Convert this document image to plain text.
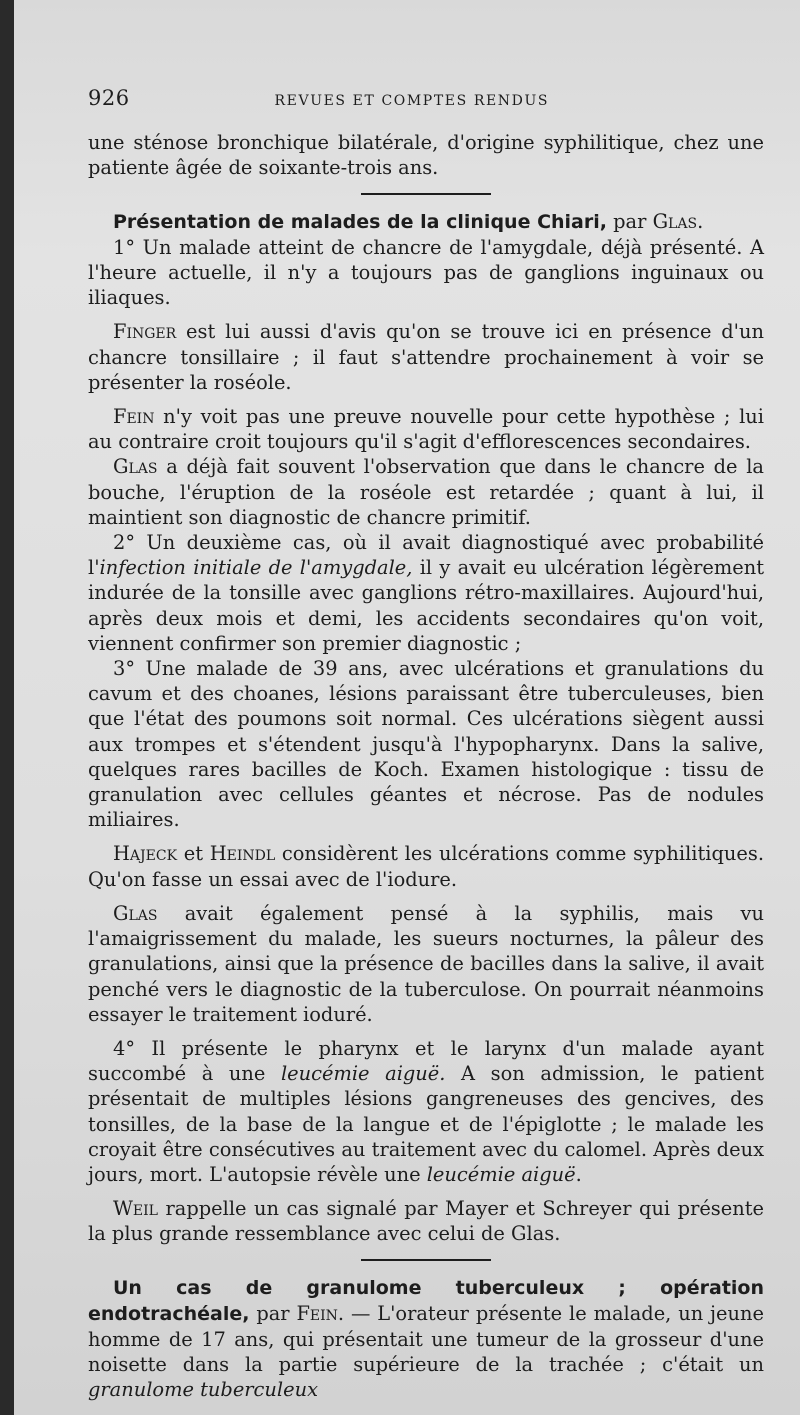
926	REVUES ET COMPTES RENDUS

une sténose bronchique bilatérale, d'origine syphilitique, chez une patiente âgée de soixante-trois ans.

Présentation de malades de la clinique Chiari, par Glas.

1° Un malade atteint de chancre de l'amygdale, déjà présenté. A l'heure actuelle, il n'y a toujours pas de ganglions inguinaux ou iliaques.

Finger est lui aussi d'avis qu'on se trouve ici en présence d'un chancre tonsillaire ; il faut s'attendre prochainement à voir se présenter la roséole.

Fein n'y voit pas une preuve nouvelle pour cette hypothèse ; lui au contraire croit toujours qu'il s'agit d'efflorescences secondaires.

Glas a déjà fait souvent l'observation que dans le chancre de la bouche, l'éruption de la roséole est retardée ; quant à lui, il maintient son diagnostic de chancre primitif.

2° Un deuxième cas, où il avait diagnostiqué avec probabilité l'infection initiale de l'amygdale, il y avait eu ulcération légèrement indurée de la tonsille avec ganglions rétro-maxillaires. Aujourd'hui, après deux mois et demi, les accidents secondaires qu'on voit, viennent confirmer son premier diagnostic ;

3° Une malade de 39 ans, avec ulcérations et granulations du cavum et des choanes, lésions paraissant être tuberculeuses, bien que l'état des poumons soit normal. Ces ulcérations siègent aussi aux trompes et s'étendent jusqu'à l'hypopharynx. Dans la salive, quelques rares bacilles de Koch. Examen histologique : tissu de granulation avec cellules géantes et nécrose. Pas de nodules miliaires.

Hajeck et Heindl considèrent les ulcérations comme syphilitiques. Qu'on fasse un essai avec de l'iodure.

Glas avait également pensé à la syphilis, mais vu l'amaigrissement du malade, les sueurs nocturnes, la pâleur des granulations, ainsi que la présence de bacilles dans la salive, il avait penché vers le diagnostic de la tuberculose. On pourrait néanmoins essayer le traitement ioduré.

4° Il présente le pharynx et le larynx d'un malade ayant succombé à une leucémie aiguë. A son admission, le patient présentait de multiples lésions gangreneuses des gencives, des tonsilles, de la base de la langue et de l'épiglotte ; le malade les croyait être consécutives au traitement avec du calomel. Après deux jours, mort. L'autopsie révèle une leucémie aiguë.

Weil rappelle un cas signalé par Mayer et Schreyer qui présente la plus grande ressemblance avec celui de Glas.

Un cas de granulome tuberculeux ; opération endotrachéale, par Fein. — L'orateur présente le malade, un jeune homme de 17 ans, qui présentait une tumeur de la grosseur d'une noisette dans la partie supérieure de la trachée ; c'était un granulome tuberculeux
